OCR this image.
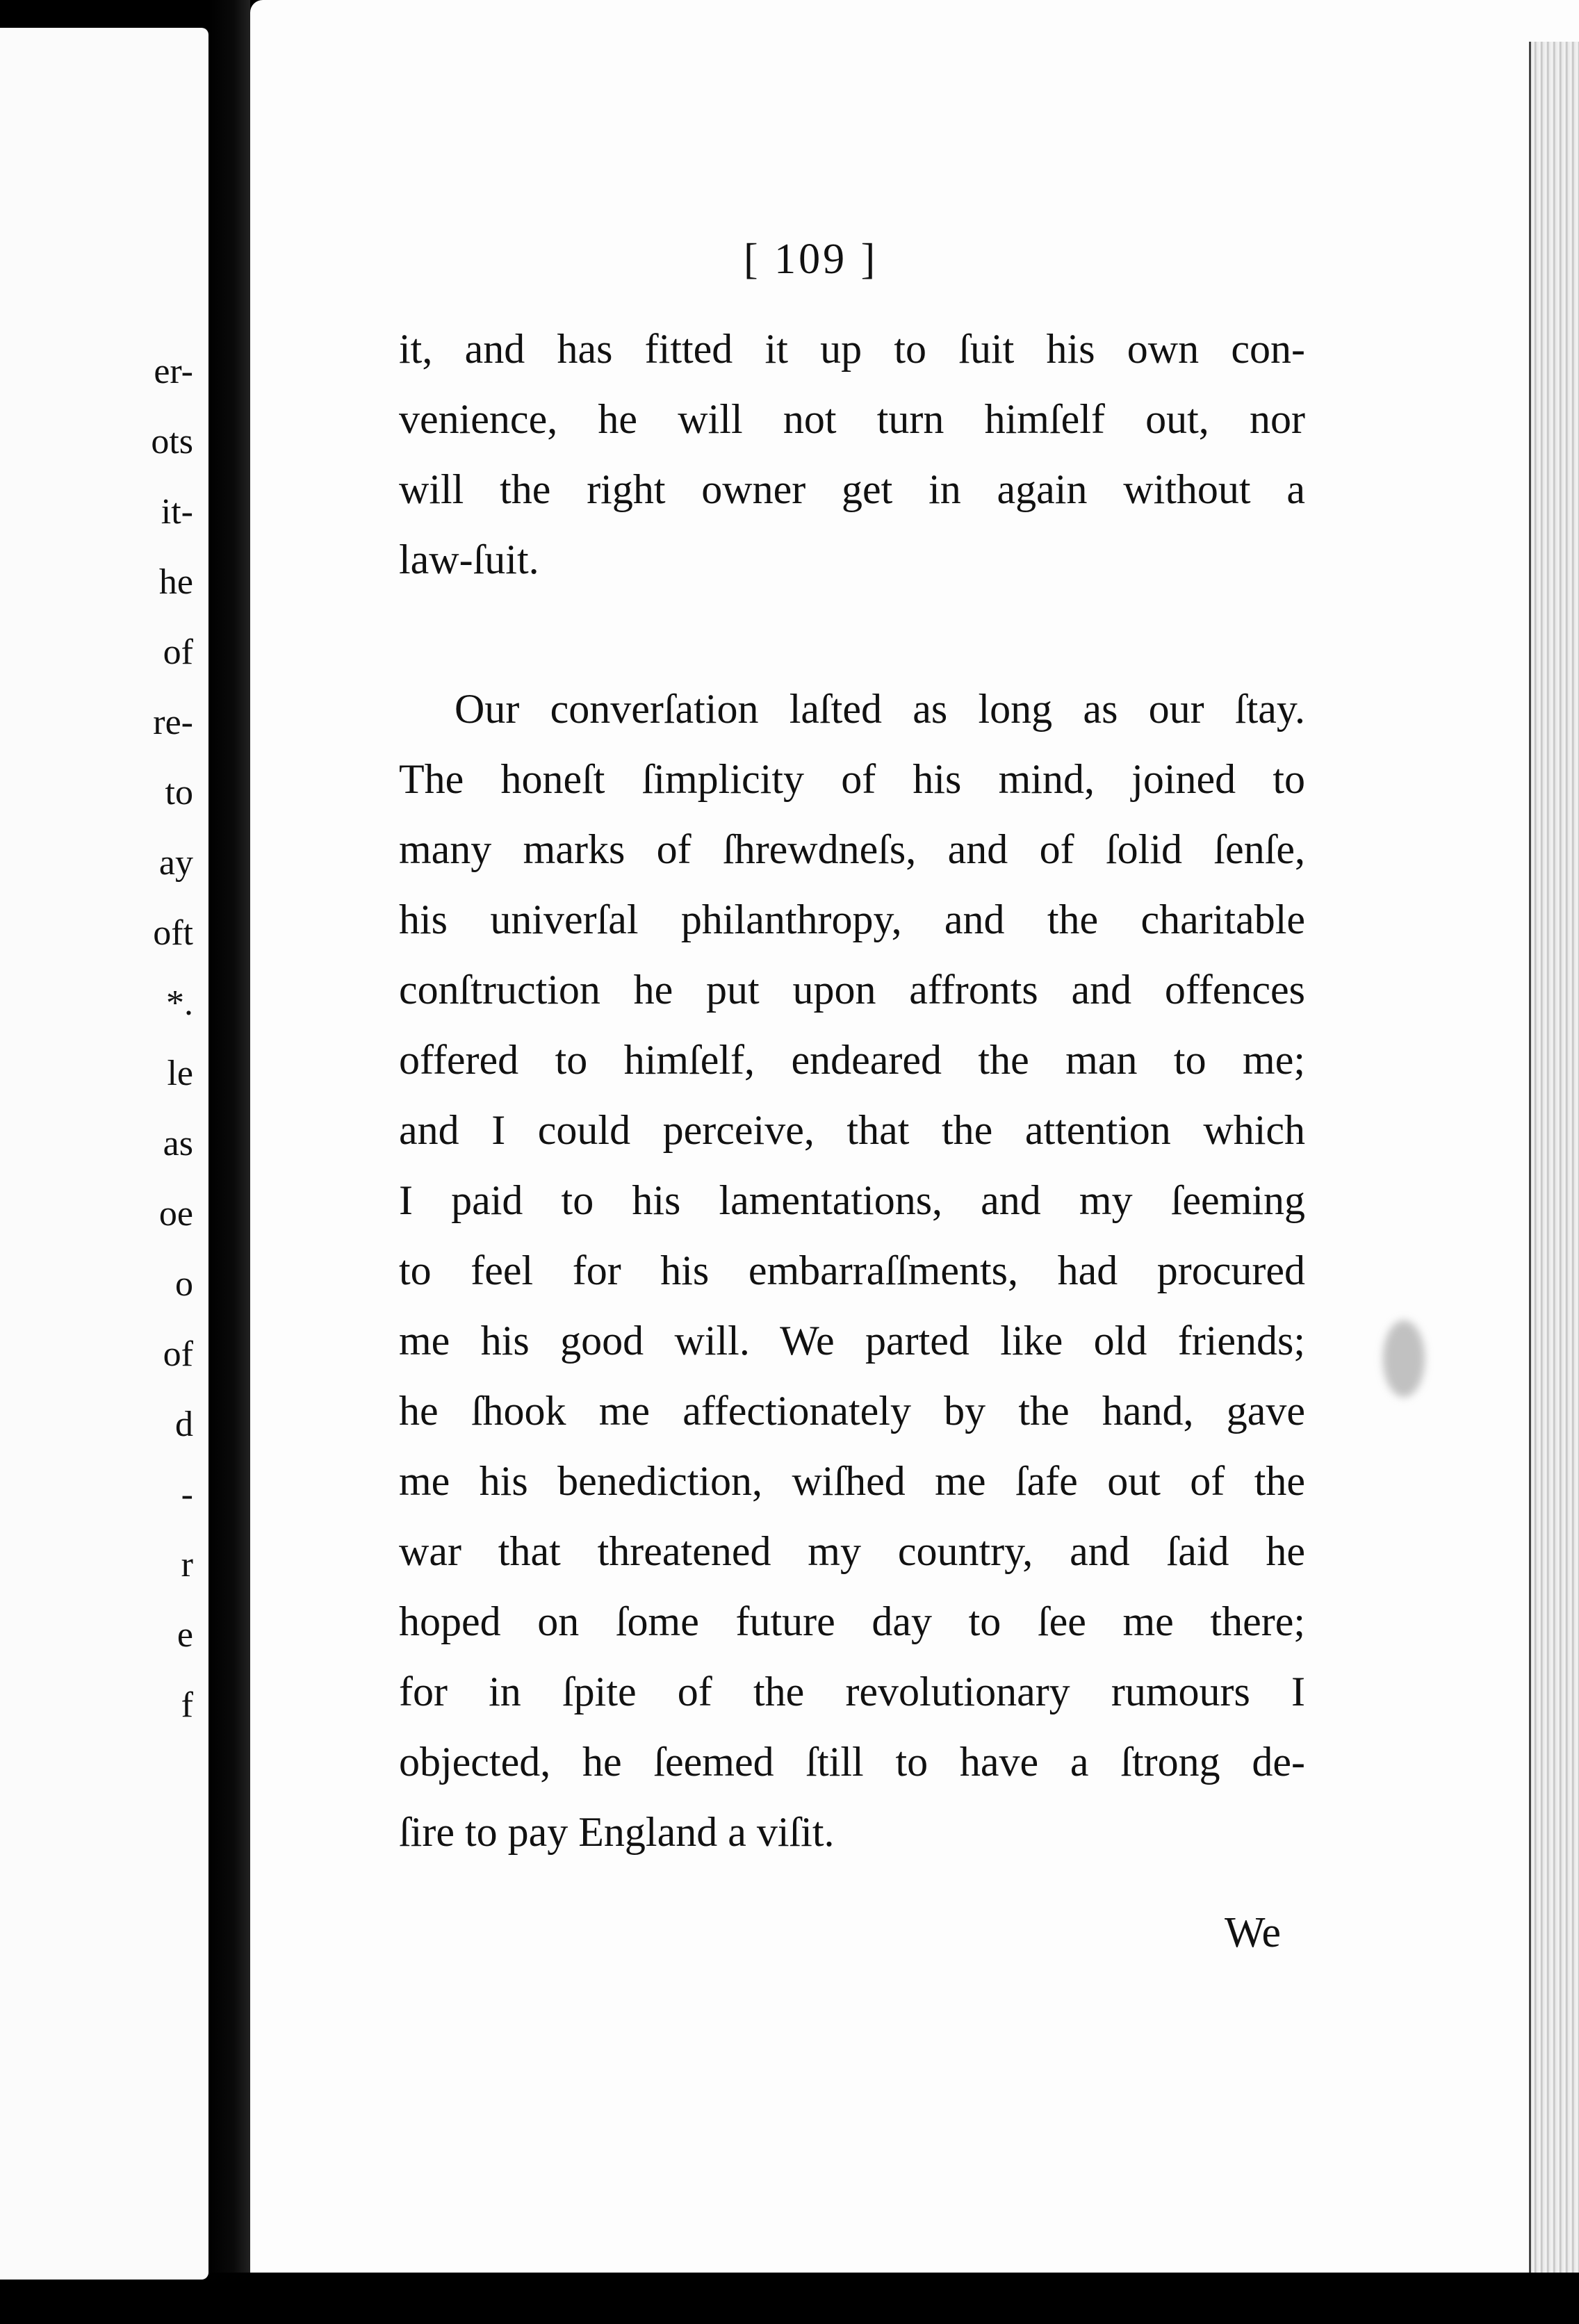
er-
ots
it-
he
of
re-
to
ay
oft
*.
le
as
oe
o
of
d
-
r
e
f
[ 109 ]
it, and has fitted it up to ſuit his own con-
venience, he will not turn himſelf out, nor
will the right owner get in again without a
law-ſuit.
Our converſation laſted as long as our ſtay.
The honeſt ſimplicity of his mind, joined to
many marks of ſhrewdneſs, and of ſolid ſenſe,
his univerſal philanthropy, and the charitable
conſtruction he put upon affronts and offences
offered to himſelf, endeared the man to me;
and I could perceive, that the attention which
I paid to his lamentations, and my ſeeming
to feel for his embarraſſments, had procured
me his good will. We parted like old friends;
he ſhook me affectionately by the hand, gave
me his benediction, wiſhed me ſafe out of the
war that threatened my country, and ſaid he
hoped on ſome future day to ſee me there;
for in ſpite of the revolutionary rumours I
objected, he ſeemed ſtill to have a ſtrong de-
ſire to pay England a viſit.
We
